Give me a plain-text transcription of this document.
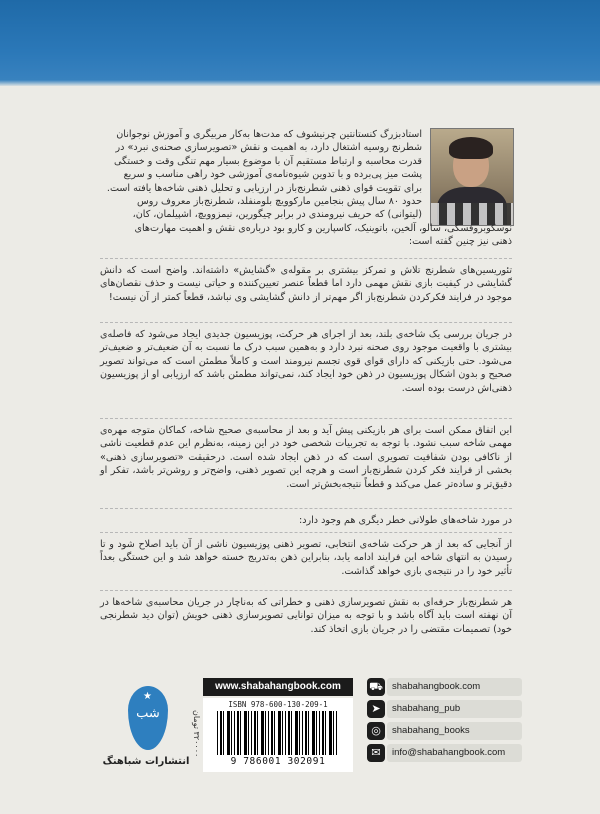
استادبزرگ کنستانتین چرنیشوف که مدت‌ها به‌کار مربیگری و آموزش نوجوانان
شطرنج روسیه اشتغال دارد، به اهمیت و نقش «تصویرسازی صحنه‌ی نبرد» در
قدرت محاسبه و ارتباط مستقیم آن با موضوع بسیار مهم تنگی وقت و خستگی
پشت میز پی‌برده و با تدوین شیوه‌نامه‌ی آموزشی خود راهی مناسب و سریع
برای تقویت قوای ذهنی شطرنج‌باز در ارزیابی و تحلیل ذهنی شاخه‌ها یافته است.
حدود ۸۰ سال پیش بنجامین مارکوویچ بلومنفلد، شطرنج‌باز معروف روس
(لیتوانی) که حریف نیرومندی در برابر چیگورین، نیمزوویچ، اشپیلمان، کان،
نوسکوبروفسکی، سالو، آلخین، باتوینیک، کاسپارین و کارو بود درباره‌ی نقش و اهمیت مهارت‌های
ذهنی نیز چنین گفته است:
تئوریسین‌های شطرنج تلاش و تمرکز بیشتری بر مقوله‌ی «گشایش» داشته‌اند. واضح است که دانش گشایشی در کیفیت بازی نقش مهمی دارد اما قطعاً عنصر تعیین‌کننده و حیاتی نیست و حذف نقصان‌های موجود در فرایند فکرکردن شطرنج‌باز اگر مهم‌تر از دانش گشایشی وی نباشد، قطعاً کمتر از آن نیست!
در جریان بررسی یک شاخه‌ی بلند، بعد از اجرای هر حرکت، پوزیسیون جدیدی ایجاد می‌شود که فاصله‌ی بیشتری با واقعیت موجود روی صحنه نبرد دارد و به‌همین سبب درک ما نسبت به آن ضعیف‌تر و ضعیف‌تر می‌شود. حتی بازیکنی که دارای قوای قوی تجسم نیرومند است و کاملاً مطمئن است که می‌تواند تصویر صحیح و بدون اشکال پوزیسیون در ذهن خود ایجاد کند، نمی‌تواند مطمئن باشد که ارزیابی او از پوزیسیون ذهنی‌اش درست بوده است.
این اتفاق ممکن است برای هر بازیکنی پیش آید و بعد از محاسبه‌ی صحیح شاخه، کماکان متوجه مهره‌ی مهمی شاخه سبب نشود. با توجه به تجربیات شخصی خود در این زمینه، به‌نظرم این عدم قطعیت ناشی از ناکافی بودن شفافیت تصویری است که در ذهن ایجاد شده است. درحقیقت «تصویرسازی ذهنی» بخشی از فرایند فکر کردن شطرنج‌باز است و هرچه این تصویر ذهنی، واضح‌تر و روشن‌تر باشد، تفکر او دقیق‌تر و ساده‌تر عمل می‌کند و قطعاً نتیجه‌بخش‌تر است.
در مورد شاخه‌های طولانی خطر دیگری هم وجود دارد:
از آنجایی که بعد از هر حرکت شاخه‌ی انتخابی، تصویر ذهنی پوزیسیون ناشی از آن باید اصلاح شود و تا رسیدن به انتهای شاخه این فرایند ادامه یابد، بنابراین ذهن به‌تدریج خسته خواهد شد و این خستگی بعداً تأثیر خود را در نتیجه‌ی بازی خواهد گذاشت.
هر شطرنج‌باز حرفه‌ای به نقش تصویرسازی ذهنی و خطراتی که به‌ناچار در جریان محاسبه‌ی شاخه‌ها در آن نهفته است باید آگاه باشد و با توجه به میزان توانایی تصویرسازی ذهنی خویش (توان دید شطرنجی خود) تصمیمات مقتضی را در جریان بازی اتخاذ کند.
★
شب
انتشارات شباهنگ
www.shabahangbook.com
۳۲۰۰۰۰ تومان
ISBN 978-600-130-209-1
9 786001 302091
⛟ shabahangbook.com
➤	shabahang_pub
◎	shabahang_books
✉	info@shabahangbook.com
